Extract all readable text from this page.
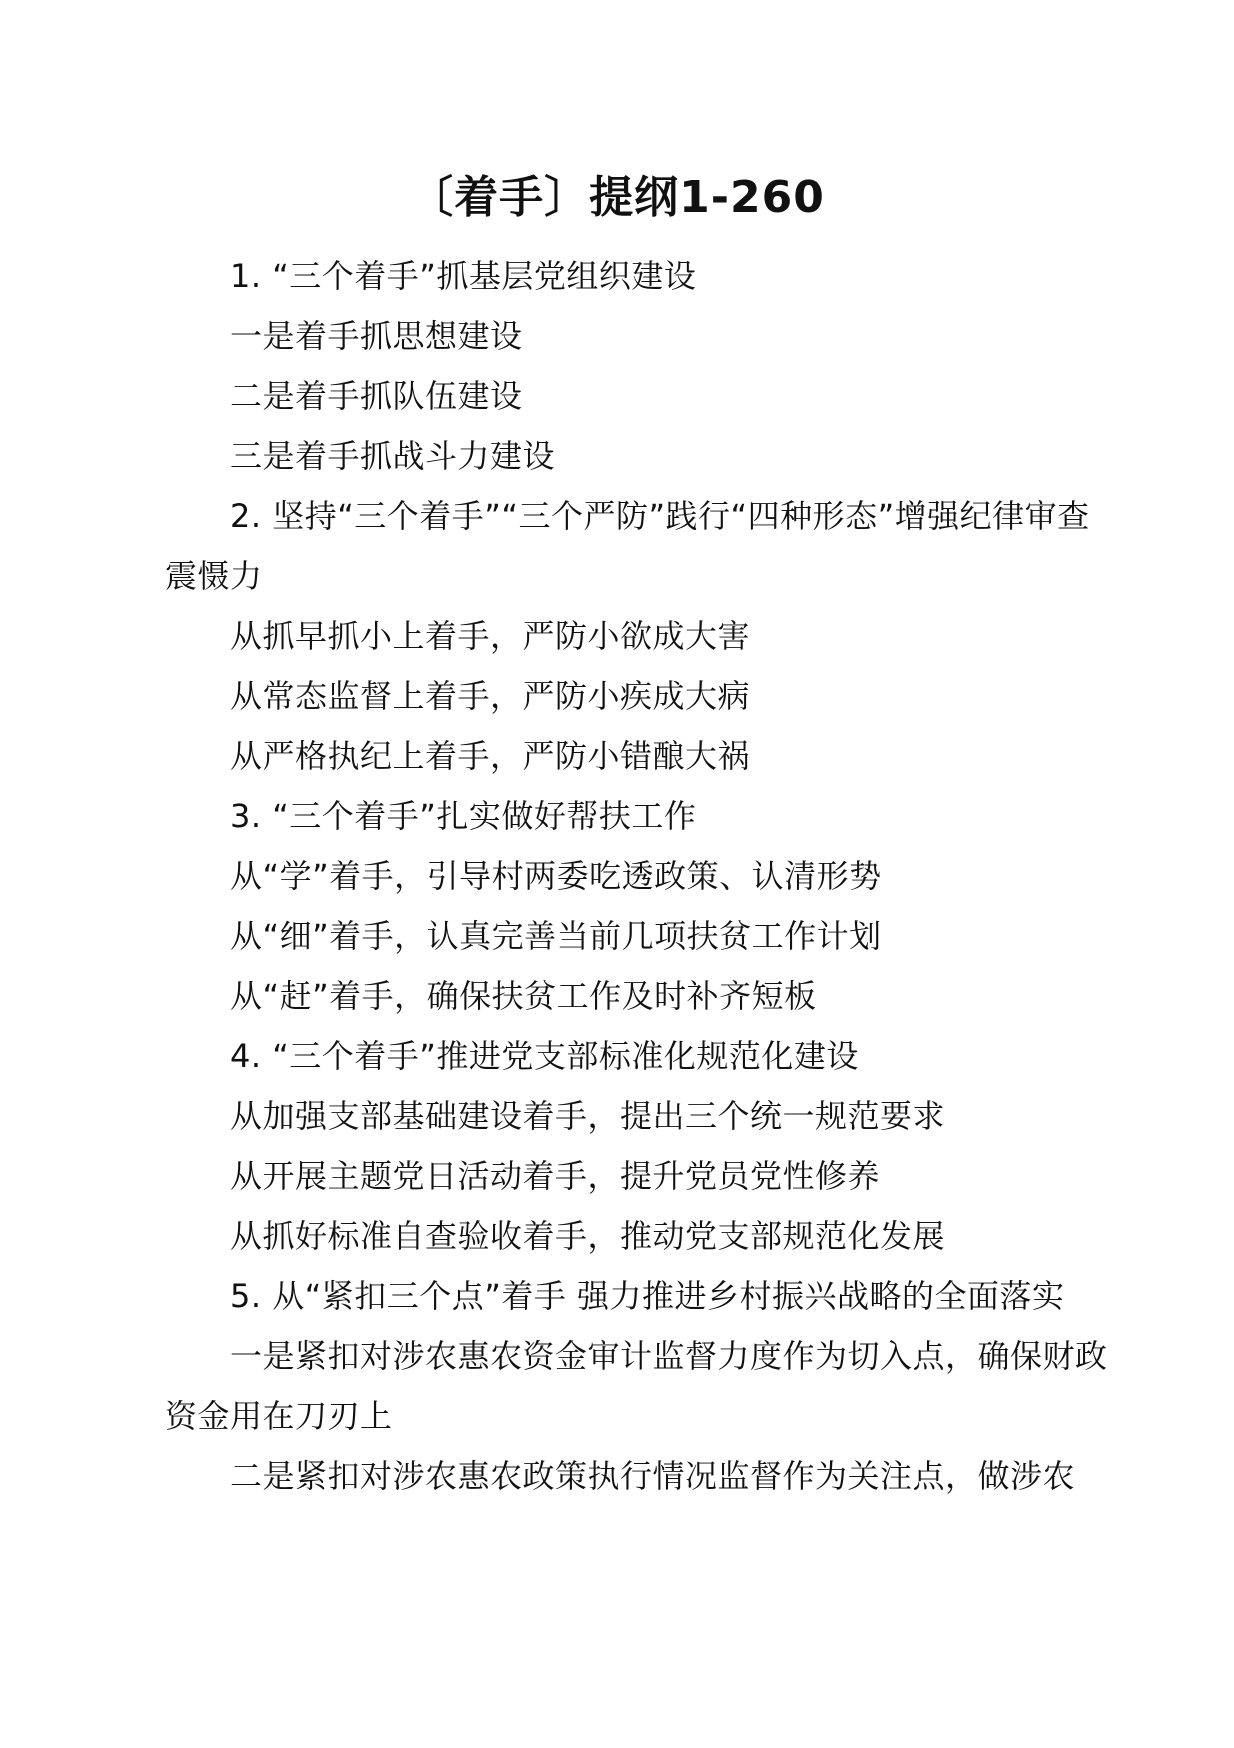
〔着手〕提纲1-260

1. “三个着手”抓基层党组织建设

一是着手抓思想建设

二是着手抓队伍建设

三是着手抓战斗力建设

2. 坚持“三个着手”“三个严防”践行“四种形态”增强纪律审查震慑力

从抓早抓小上着手，严防小欲成大害

从常态监督上着手，严防小疾成大病

从严格执纪上着手，严防小错酿大祸

3. “三个着手”扎实做好帮扶工作

从“学”着手，引导村两委吃透政策、认清形势

从“细”着手，认真完善当前几项扶贫工作计划

从“赶”着手，确保扶贫工作及时补齐短板

4. “三个着手”推进党支部标准化规范化建设

从加强支部基础建设着手，提出三个统一规范要求

从开展主题党日活动着手，提升党员党性修养

从抓好标准自查验收着手，推动党支部规范化发展

5. 从“紧扣三个点”着手 强力推进乡村振兴战略的全面落实

一是紧扣对涉农惠农资金审计监督力度作为切入点，确保财政资金用在刀刃上

二是紧扣对涉农惠农政策执行情况监督作为关注点，做涉农
